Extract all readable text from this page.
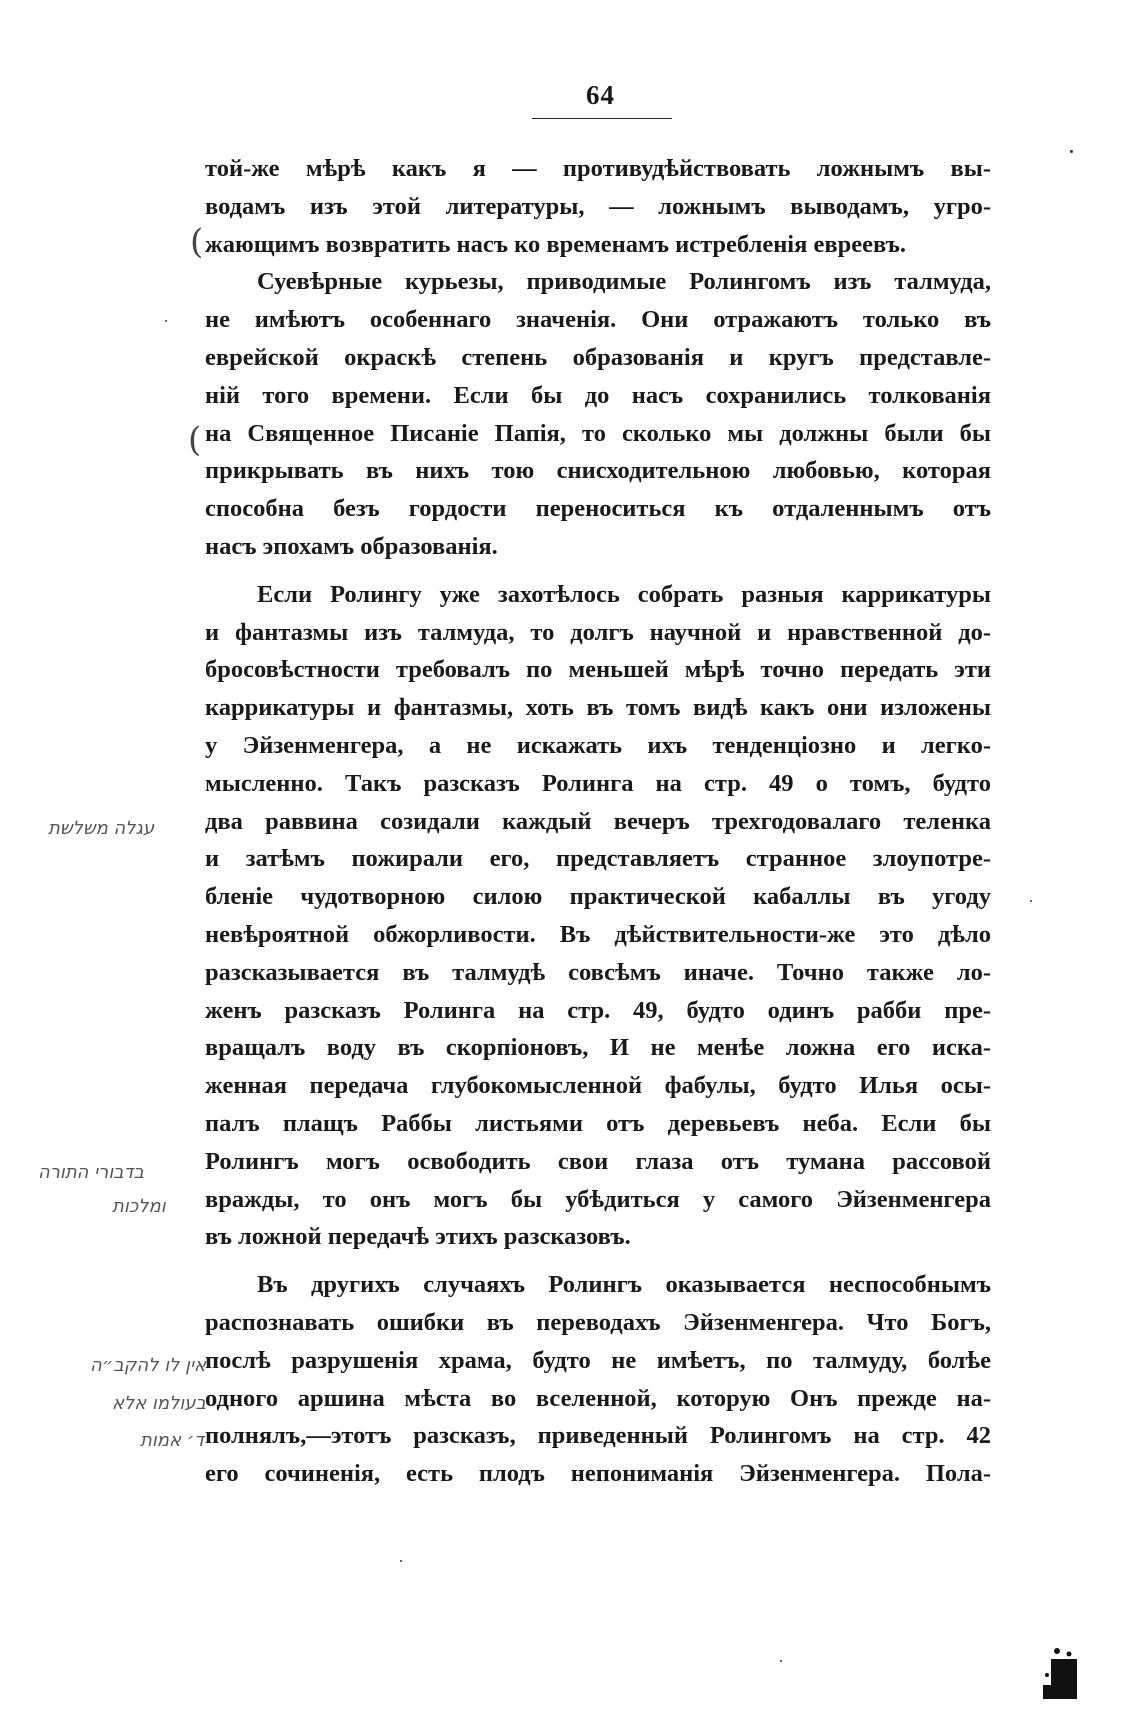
64
той-же мѣрѣ какъ я — противудѣйствовать ложнымъ вы-
водамъ изъ этой литературы, — ложнымъ выводамъ, угро-
жающимъ возвратить насъ ко временамъ истребленія евреевъ.
Суевѣрные курьезы, приводимые Ролингомъ изъ талмуда,
не имѣютъ особеннаго значенія. Они отражаютъ только въ
еврейской окраскѣ степень образованія и кругъ представле-
ній того времени. Если бы до насъ сохранились толкованія
на Священное Писаніе Папія, то сколько мы должны были бы
прикрывать въ нихъ тою снисходительною любовью, которая
способна безъ гордости переноситься къ отдаленнымъ отъ
насъ эпохамъ образованія.
Если Ролингу уже захотѣлось собрать разныя каррикатуры
и фантазмы изъ талмуда, то долгъ научной и нравственной до-
бросовѣстности требовалъ по меньшей мѣрѣ точно передать эти
каррикатуры и фантазмы, хоть въ томъ видѣ какъ они изложены
у Эйзенменгера, а не искажать ихъ тенденціозно и легко-
мысленно. Такъ разсказъ Ролинга на стр. 49 о томъ, будто
два раввина созидали каждый вечеръ трехгодовалаго теленка
и затѣмъ пожирали его, представляетъ странное злоупотре-
бленіе чудотворною силою практической кабаллы въ угоду
невѣроятной обжорливости. Въ дѣйствительности-же это дѣло
разсказывается въ талмудѣ совсѣмъ иначе. Точно также ло-
женъ разсказъ Ролинга на стр. 49, будто одинъ рабби пре-
вращалъ воду въ скорпіоновъ, И не менѣе ложна его иска-
женная передача глубокомысленной фабулы, будто Илья осы-
палъ плащъ Раббы листьями отъ деревьевъ неба. Если бы
Ролингъ могъ освободить свои глаза отъ тумана рассовой
вражды, то онъ могъ бы убѣдиться у самого Эйзенменгера
въ ложной передачѣ этихъ разсказовъ.
Въ другихъ случаяхъ Ролингъ оказывается неспособнымъ
распознавать ошибки въ переводахъ Эйзенменгера. Что Богъ,
послѣ разрушенія храма, будто не имѣетъ, по талмуду, болѣе
одного аршина мѣста во вселенной, которую Онъ прежде на-
полнялъ,—этотъ разсказъ, приведенный Ролингомъ на стр. 42
его сочиненія, есть плодъ непониманія Эйзенменгера. Пола-
(
(
עגלה משלשת
בדבורי התורה
ומלכות
אין לו להקב״ה
בעולמו אלא
ד׳ אמות
